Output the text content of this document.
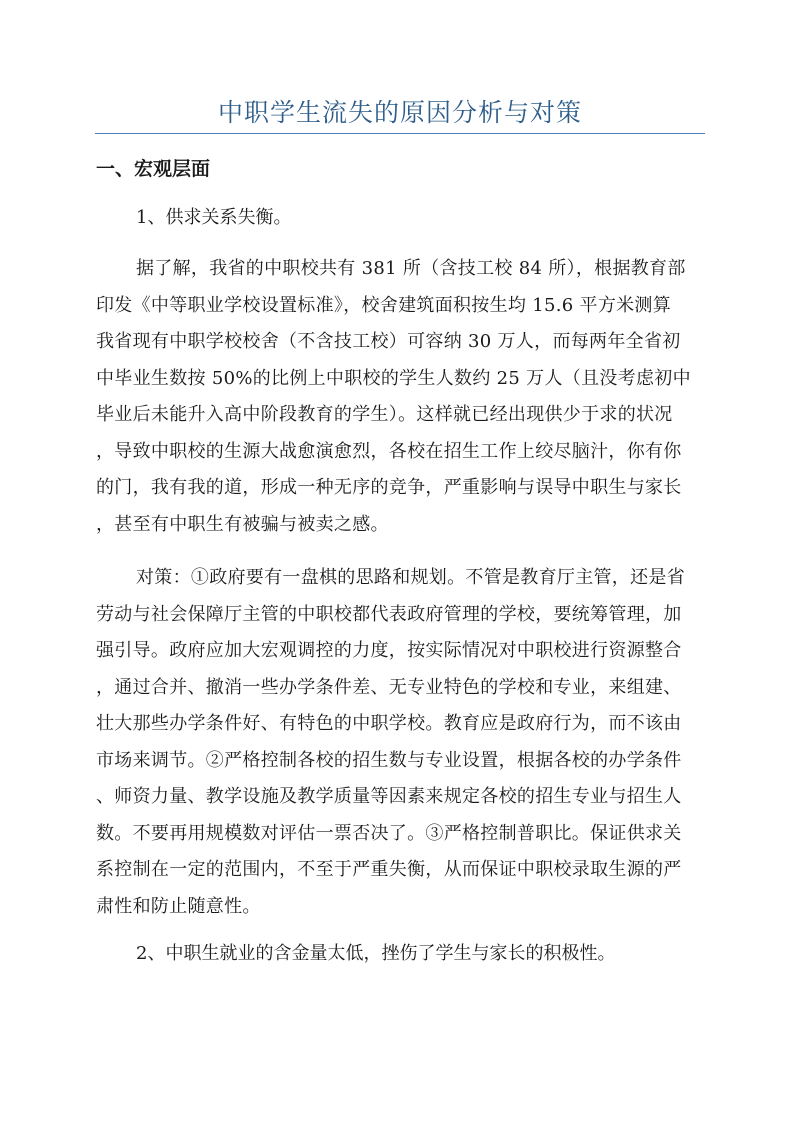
中职学生流失的原因分析与对策
一、宏观层面
1、供求关系失衡。
据了解，我省的中职校共有 381 所（含技工校 84 所），根据教育部
印发《中等职业学校设置标准》，校舍建筑面积按生均 15.6 平方米测算
我省现有中职学校校舍（不含技工校）可容纳 30 万人，而每两年全省初
中毕业生数按 50%的比例上中职校的学生人数约 25 万人（且没考虑初中
毕业后未能升入高中阶段教育的学生）。这样就已经出现供少于求的状况
，导致中职校的生源大战愈演愈烈，各校在招生工作上绞尽脑汁，你有你
的门，我有我的道，形成一种无序的竞争，严重影响与误导中职生与家长
，甚至有中职生有被骗与被卖之感。
对策：①政府要有一盘棋的思路和规划。不管是教育厅主管，还是省
劳动与社会保障厅主管的中职校都代表政府管理的学校，要统筹管理，加
强引导。政府应加大宏观调控的力度，按实际情况对中职校进行资源整合
，通过合并、撤消一些办学条件差、无专业特色的学校和专业，来组建、
壮大那些办学条件好、有特色的中职学校。教育应是政府行为，而不该由
市场来调节。②严格控制各校的招生数与专业设置，根据各校的办学条件
、师资力量、教学设施及教学质量等因素来规定各校的招生专业与招生人
数。不要再用规模数对评估一票否决了。③严格控制普职比。保证供求关
系控制在一定的范围内，不至于严重失衡，从而保证中职校录取生源的严
肃性和防止随意性。
2、中职生就业的含金量太低，挫伤了学生与家长的积极性。
